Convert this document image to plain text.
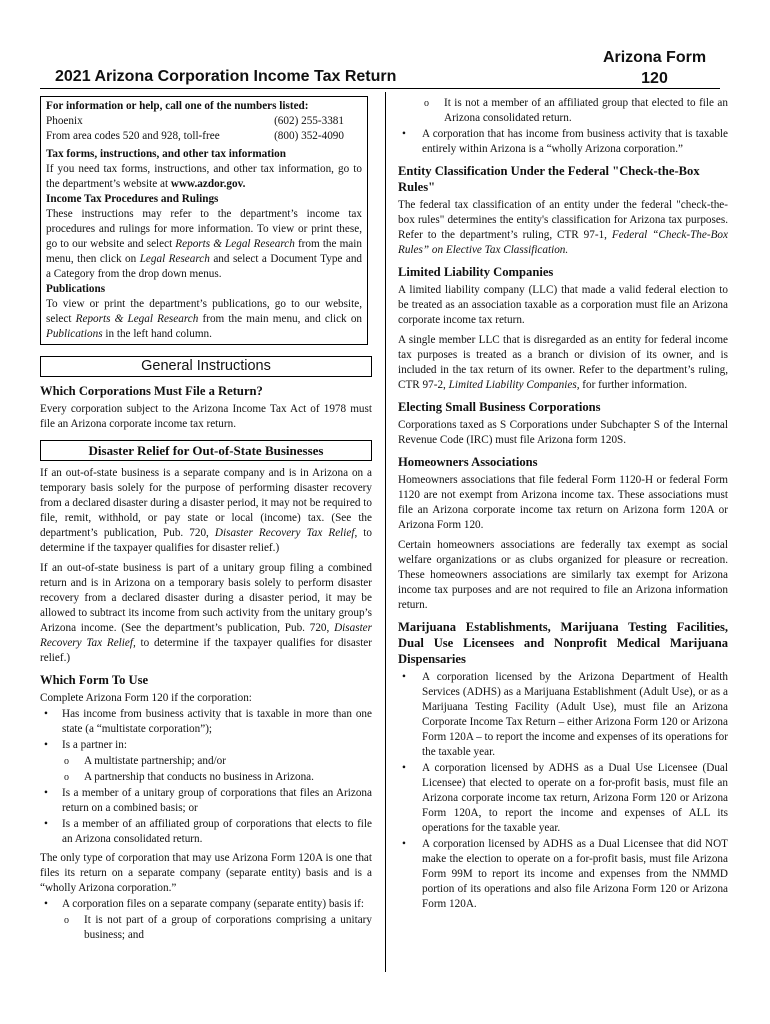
2021 Arizona Corporation Income Tax Return
Arizona Form
120

For information or help, call one of the numbers listed:

Phoenix	(602) 255-3381
From area codes 520 and 928, toll-free	(800) 352-4090

Tax forms, instructions, and other tax information

If you need tax forms, instructions, and other tax information, go to the department’s website at www.azdor.gov.

Income Tax Procedures and Rulings

These instructions may refer to the department’s income tax procedures and rulings for more information. To view or print these, go to our website and select Reports & Legal Research from the main menu, then click on Legal Research and select a Document Type and a Category from the drop down menus.

Publications

To view or print the department’s publications, go to our website, select Reports & Legal Research from the main menu, and click on Publications in the left hand column.

General Instructions
Which Corporations Must File a Return?

Every corporation subject to the Arizona Income Tax Act of 1978 must file an Arizona corporate income tax return.

Disaster Relief for Out-of-State Businesses

If an out-of-state business is a separate company and is in Arizona on a temporary basis solely for the purpose of performing disaster recovery from a declared disaster during a disaster period, it may not be required to file, remit, withhold, or pay state or local (income) tax. (See the department’s publication, Pub. 720, Disaster Recovery Tax Relief, to determine if the taxpayer qualifies for disaster relief.)

If an out-of-state business is part of a unitary group filing a combined return and is in Arizona on a temporary basis solely to perform disaster recovery from a declared disaster during a disaster period, it may be allowed to subtract its income from such activity from the unitary group’s Arizona income. (See the department’s publication, Pub. 720, Disaster Recovery Tax Relief, to determine if the taxpayer qualifies for disaster relief.)

Which Form To Use

Complete Arizona Form 120 if the corporation:

• Has income from business activity that is taxable in more than one state (a “multistate corporation”);
• Is a partner in:
o A multistate partnership; and/or
o A partnership that conducts no business in Arizona.
• Is a member of a unitary group of corporations that files an Arizona return on a combined basis; or
• Is a member of an affiliated group of corporations that elects to file an Arizona consolidated return.

The only type of corporation that may use Arizona Form 120A is one that files its return on a separate company (separate entity) basis and is a “wholly Arizona corporation.”

• A corporation files on a separate company (separate entity) basis if:
o It is not part of a group of corporations comprising a unitary business; and
o It is not a member of an affiliated group that elected to file an Arizona consolidated return.
• A corporation that has income from business activity that is taxable entirely within Arizona is a “wholly Arizona corporation.”
Entity Classification Under the Federal "Check-the-Box Rules"

The federal tax classification of an entity under the federal "check-the-box rules" determines the entity's classification for Arizona tax purposes. Refer to the department’s ruling, CTR 97-1, Federal “Check-The-Box Rules” on Elective Tax Classification.

Limited Liability Companies

A limited liability company (LLC) that made a valid federal election to be treated as an association taxable as a corporation must file an Arizona corporate income tax return.

A single member LLC that is disregarded as an entity for federal income tax purposes is treated as a branch or division of its owner, and is included in the tax return of its owner. Refer to the department’s ruling, CTR 97-2, Limited Liability Companies, for further information.

Electing Small Business Corporations

Corporations taxed as S Corporations under Subchapter S of the Internal Revenue Code (IRC) must file Arizona form 120S.

Homeowners Associations

Homeowners associations that file federal Form 1120-H or federal Form 1120 are not exempt from Arizona income tax. These associations must file an Arizona corporate income tax return on Arizona form 120A or Arizona Form 120.

Certain homeowners associations are federally tax exempt as social welfare organizations or as clubs organized for pleasure or recreation. These homeowners associations are similarly tax exempt for Arizona income tax purposes and are not required to file an Arizona information return.

Marijuana Establishments, Marijuana Testing Facilities, Dual Use Licensees and Nonprofit Medical Marijuana Dispensaries
• A corporation licensed by the Arizona Department of Health Services (ADHS) as a Marijuana Establishment (Adult Use), or as a Marijuana Testing Facility (Adult Use), must file an Arizona Corporate Income Tax Return – either Arizona Form 120 or Arizona Form 120A – to report the income and expenses of its operations for the taxable year.
• A corporation licensed by ADHS as a Dual Use Licensee (Dual Licensee) that elected to operate on a for-profit basis, must file an Arizona corporate income tax return, Arizona Form 120 or Arizona Form 120A, to report the income and expenses of ALL its operations for the taxable year.
• A corporation licensed by ADHS as a Dual Licensee that did NOT make the election to operate on a for-profit basis, must file Arizona Form 99M to report its income and expenses from the NMMD portion of its operations and also file Arizona Form 120 or Arizona Form 120A.
